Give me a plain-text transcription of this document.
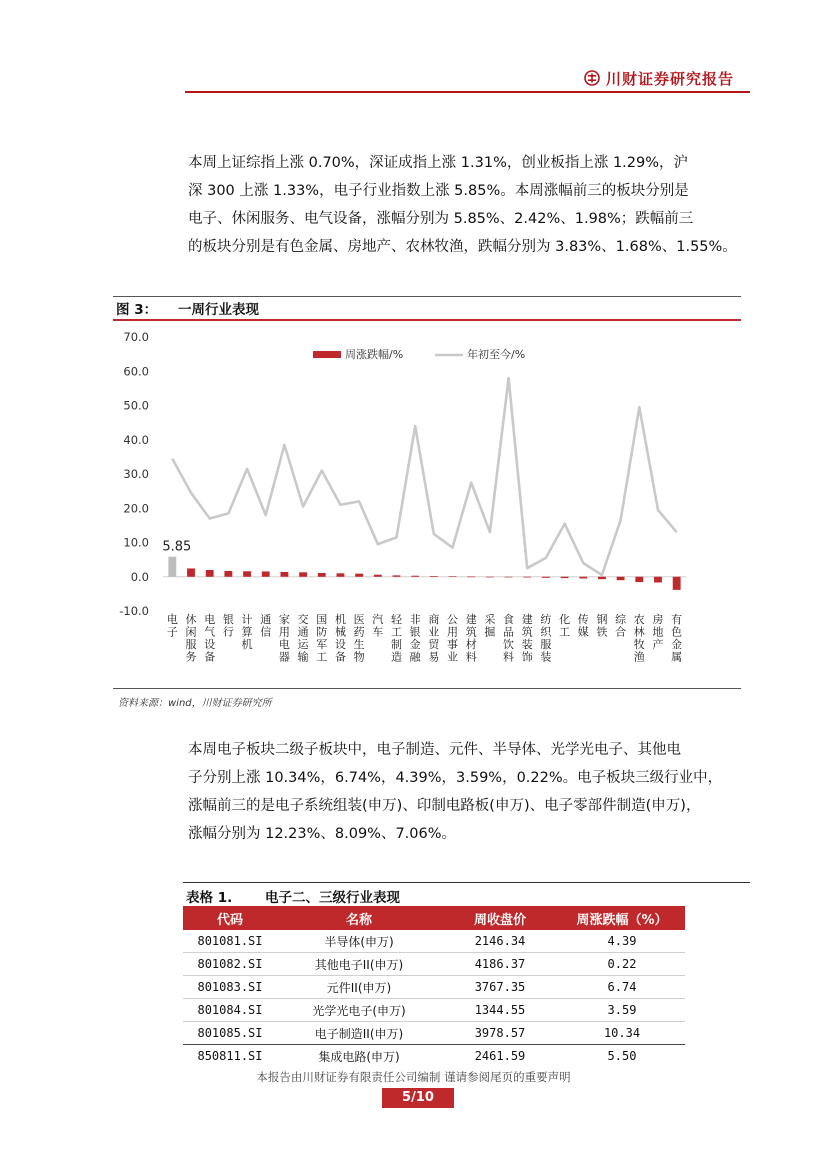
川财证券研究报告

本周上证综指上涨 0.70%，深证成指上涨 1.31%，创业板指上涨 1.29%，沪

深 300 上涨 1.33%，电子行业指数上涨 5.85%。本周涨幅前三的板块分别是

电子、休闲服务、电气设备，涨幅分别为 5.85%、2.42%、1.98%；跌幅前三

的板块分别是有色金属、房地产、农林牧渔，跌幅分别为 3.83%、1.68%、1.55%。

图 3： 一周行业表现
70.0
60.0
50.0
40.0
30.0
20.0
10.0
0.0
-10.0
5.85
周涨跌幅/%	年初至今/%
电子
休闲服务
电气设备
银行
计算机
通信
家用电器
交通运输
国防军工
机械设备
医药生物
汽车
轻工制造
非银金融
商业贸易
公用事业
建筑材料
采掘
食品饮料
建筑装饰
纺织服装
化工
传媒
钢铁
综合
农林牧渔
房地产
有色金属
资料来源：wind，川财证券研究所

本周电子板块二级子板块中，电子制造、元件、半导体、光学光电子、其他电

子分别上涨 10.34%，6.74%，4.39%，3.59%，0.22%。电子板块三级行业中，

涨幅前三的是电子系统组装(申万)、印制电路板(申万)、电子零部件制造(申万)，

涨幅分别为 12.23%、8.09%、7.06%。

表格 1. 电子二、三级行业表现
代码	名称	周收盘价	周涨跌幅（%）
801081.SI	半导体(申万)	2146.34	4.39
801082.SI	其他电子II(申万)	4186.37	0.22
801083.SI	元件II(申万)	3767.35	6.74
801084.SI	光学光电子(申万)	1344.55	3.59
801085.SI	电子制造II(申万)	3978.57	10.34
850811.SI	集成电路(申万)	2461.59	5.50
本报告由川财证券有限责任公司编制 谨请参阅尾页的重要声明
5/10
